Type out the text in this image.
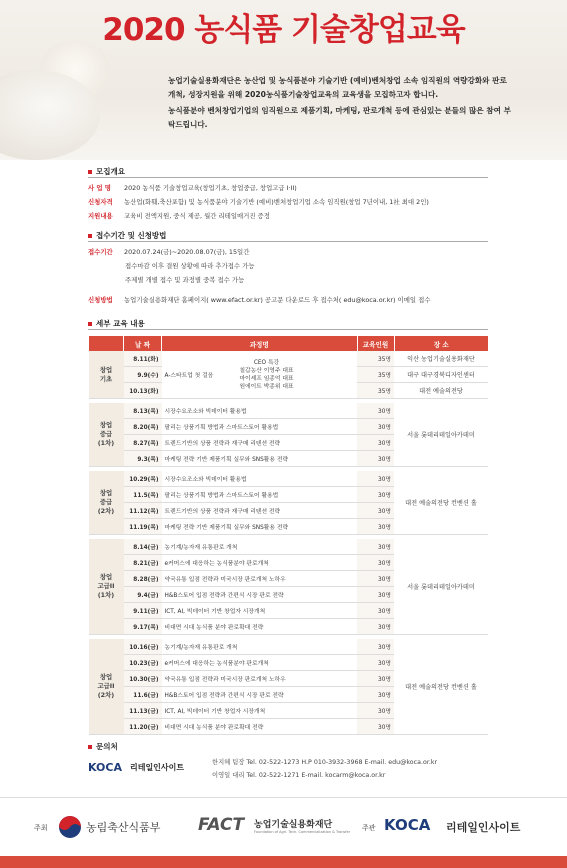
2020 농식품 기술창업교육

농업기술실용화재단은 농산업 및 농식품분야 기술기반 (예비)벤처창업 소속 임직원의 역량강화와 판로개척, 성장지원을 위해 2020농식품기술창업교육의 교육생을 모집하고자 합니다.

농식품분야 벤처창업기업의 임직원으로 제품기획, 마케팅, 판로개척 등에 관심있는 분들의 많은 참여 부탁드립니다.

모집개요
사 업 명 2020 농식품 기술창업교육(창업기초, 창업중급, 창업고급 I·II)
신청자격 농산업(화훼,축산포함) 및 농식품분야 기술기반 (예비)벤처창업기업 소속 임직원(창업 7년이내, 1社 최대 2인)
지원내용 교육비 전액지원, 중식 제공, 월간 리테일매거진 증정
접수기간 및 신청방법
접수기간 2020.07.24(금)~2020.08.07(금), 15일간
접수마감 이후 결원 상황에 따라 추가접수 가능
주제별 개별 접수 및 과정별 중복 접수 가능
신청방법 농업기술실용화재단 홈페이지( www.efact.or.kr) 공고문 다운로드 후 접수처( edu@koca.or.kr) 이메일 접수
세부 교육 내용
	날 짜	과정명	교육인원	장 소
창업
기초	8.11(화)	A-스타트업 첫 걸음CEO 특강
칠갑농산 이영주 대표
마이셰프 임종억 대표
원에이트 박종위 대표	35명	익산 농업기술실용화재단
	9.9(수)		35명	대구 대구경북디자인센터
	10.13(화)		35명	대전 예술의전당

창업
중급
(1차)	8.13(목)	시장수요조소와 빅데이터 활용법	30명	서울 롯데리테일아카데미
	8.20(목)	팔리는 상품기획 방법과 스마트스토어 활용법	30명	
	8.27(목)	트렌드기반의 상품 전략과 재구매 리텐션 전략	30명	
	9.3(목)	마케팅 전략 기반 제품기획 실무와 SNS활용 전략	30명	

창업
중급
(2차)	10.29(목)	시장수요조소와 빅데이터 활용법	30명	대전 예술의전당 컨벤션 홀
	11.5(목)	팔리는 상품기획 방법과 스마트스토어 활용법	30명	
	11.12(목)	트렌드기반의 상품 전략과 재구매 리텐션 전략	30명	
	11.19(목)	마케팅 전략 기반 제품기획 실무와 SNS활용 전략	30명	

창업
고급II
(1차)	8.14(금)	농기계/농자재 유통판로 개척	30명	서울 롯데리테일아카데미
	8.21(금)	e커머스에 대응하는 농식품분야 판로개척	30명	
	8.28(금)	약국유통 입점 전략과 미국시장 판로개척 노하우	30명	
	9.4(금)	H&B스토어 입점 전략과 간편식 시장 판로 전략	30명	
	9.11(금)	ICT, AI, 빅데이터 기반 창업자 시장개척	30명	
	9.17(목)	비대면 시대 농식품 분야 판로확대 전략	30명	

창업
고급II
(2차)	10.16(금)	농기계/농자재 유통판로 개척	30명	대전 예술의전당 컨벤션 홀
	10.23(금)	e커머스에 대응하는 농식품분야 판로개척	30명	
	10.30(금)	약국유통 입점 전략과 미국시장 판로개척 노하우	30명	
	11.6(금)	H&B스토어 입점 전략과 간편식 시장 판로 전략	30명	
	11.13(금)	ICT, AI, 빅데이터 기반 창업자 시장개척	30명	
	11.20(금)	비대면 시대 농식품 분야 판로확대 전략	30명	
문의처
KOCA 리테일인사이트
한지혜 팀장 Tel. 02-522-1273 H.P 010-3932-3968 E-mail. edu@koca.or.kr
이영일 대리 Tel. 02-522-1271 E-mail. kocarm@koca.or.kr
주최	농림축산식품부 FACT 농업기술실용화재단
Foundation of Agri. Tech. Commercialization & Transfer 주관 KOCA 리테일인사이트
